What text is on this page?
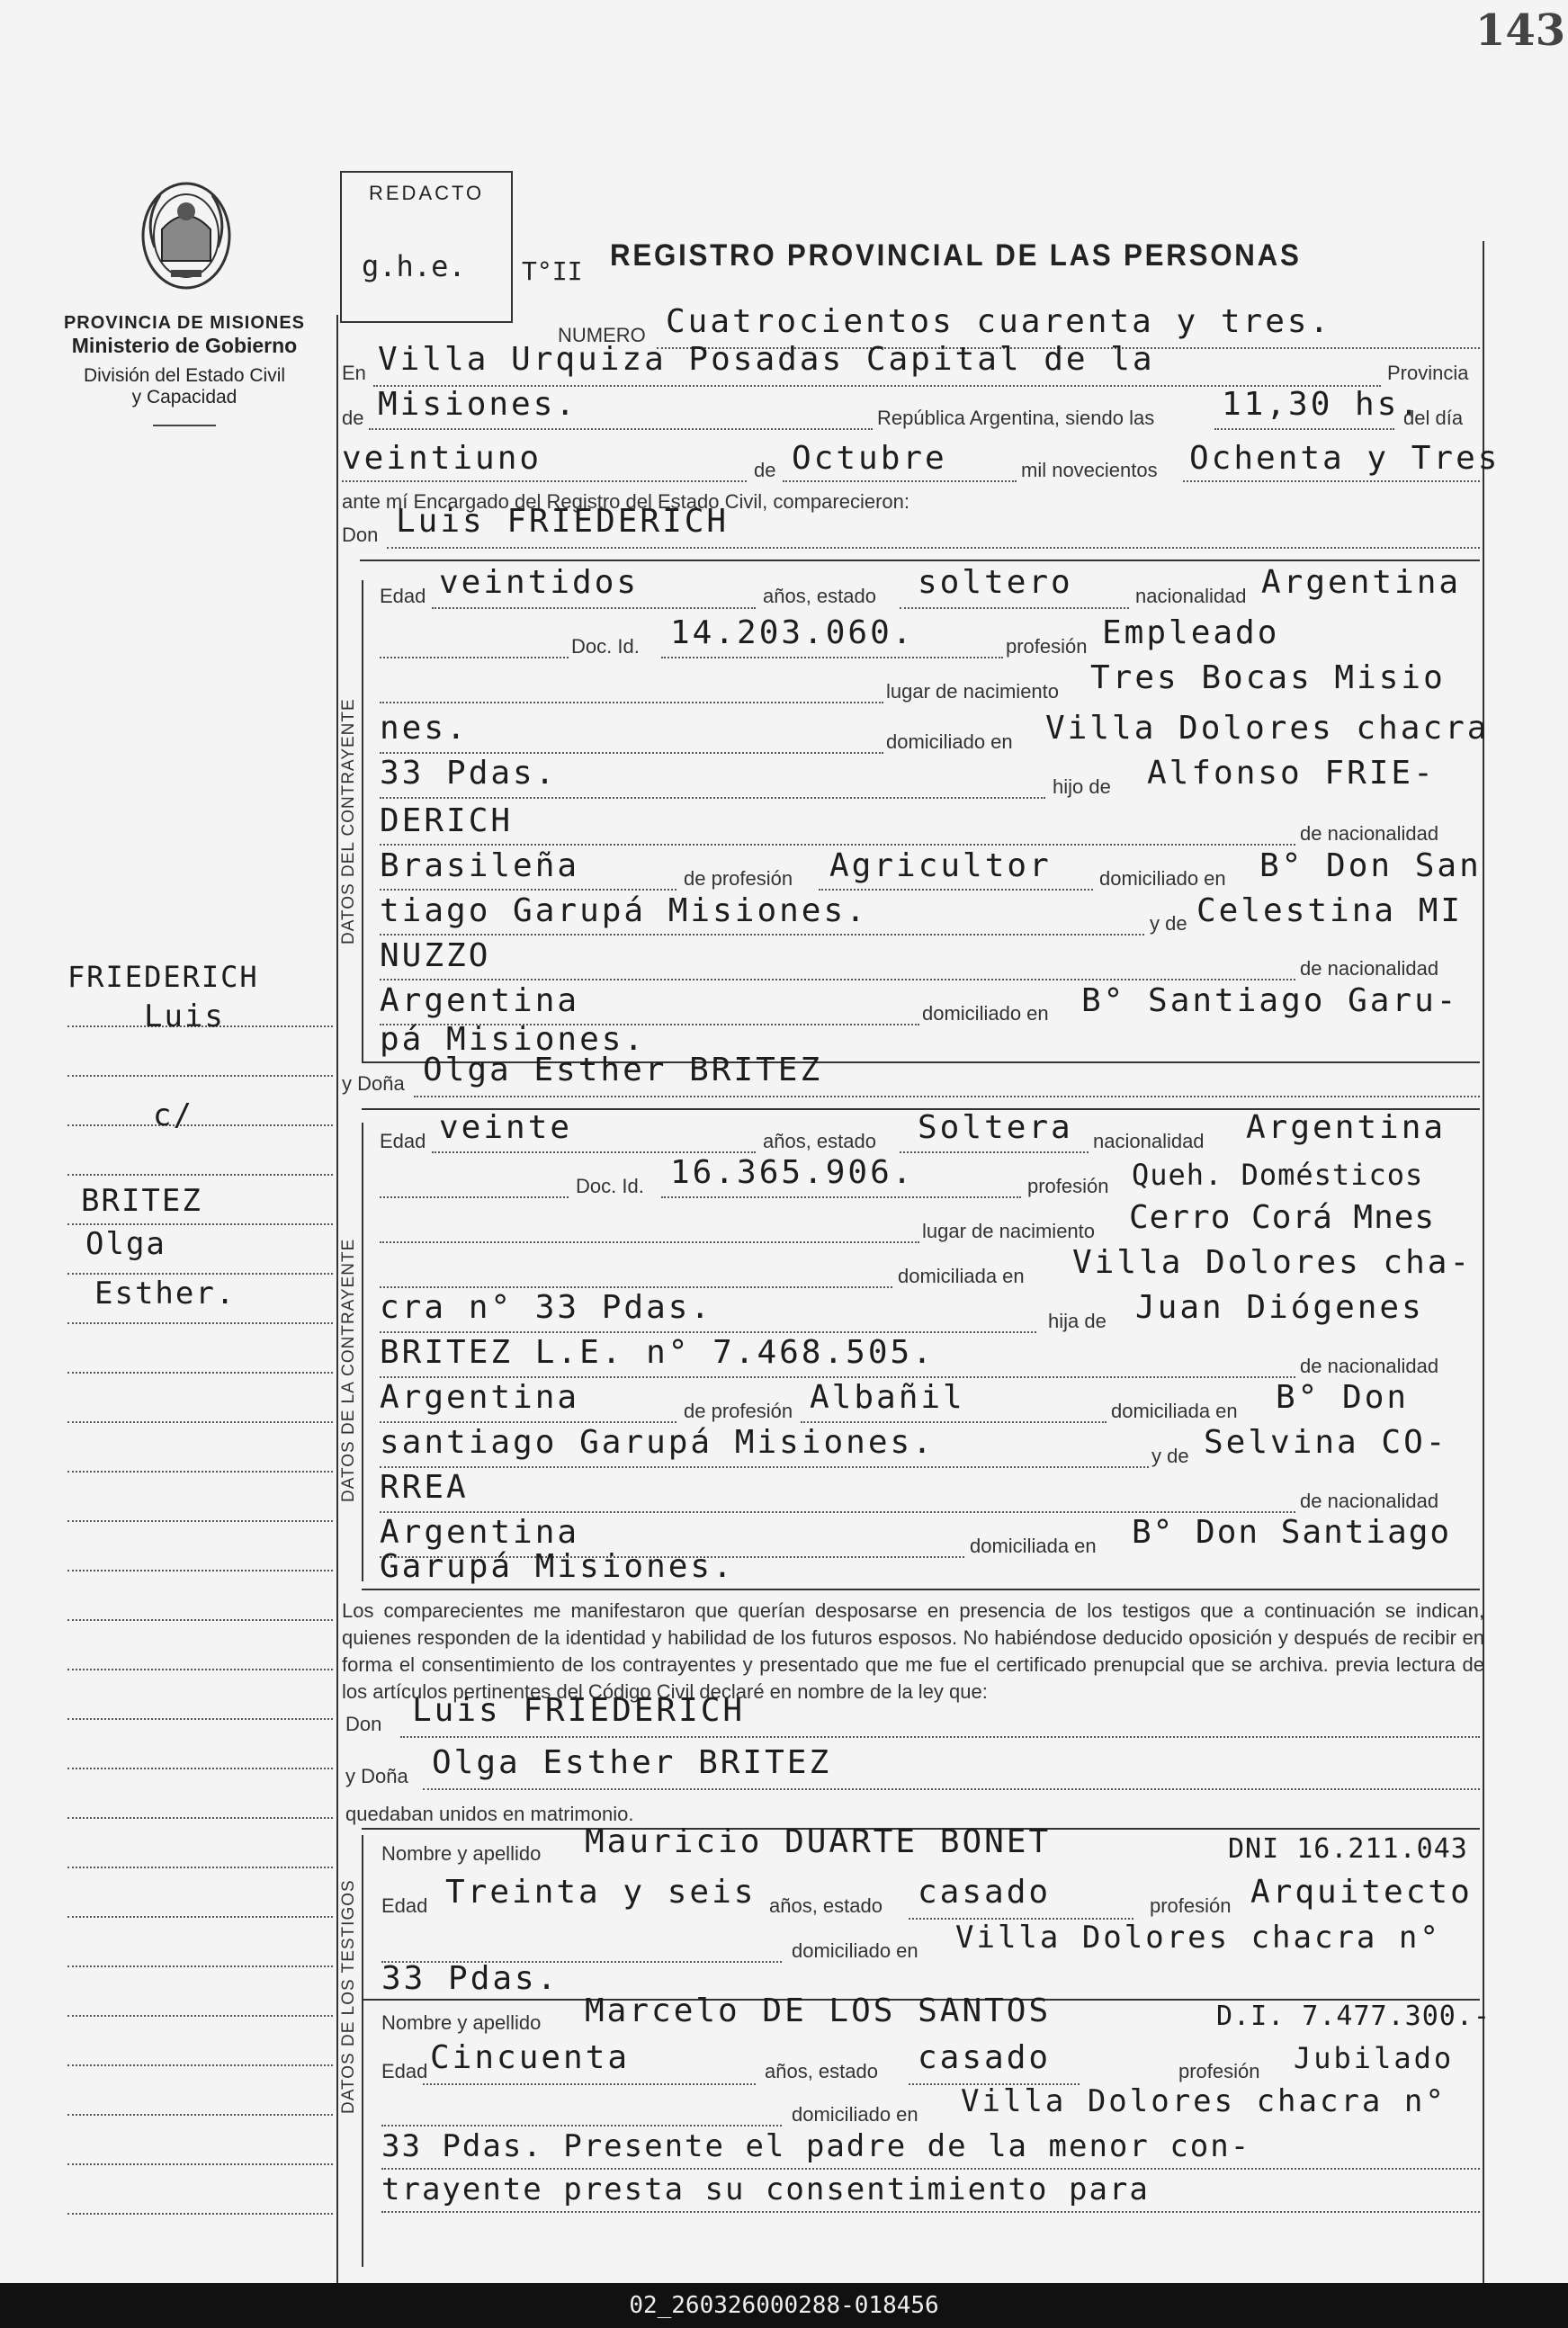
143
PROVINCIA DE MISIONES
Ministerio de Gobierno
División del Estado Civil
y Capacidad
REDACTO
g.h.e. T°II REGISTRO PROVINCIAL DE LAS PERSONAS
NUMERO Cuatrocientos cuarenta y tres.
En Villa Urquiza Posadas Capital de la	Provincia
de Misiones.	República Argentina, siendo las 11,30 hs.
del día
veintiuno	de Octubre	mil novecientos Ochenta y Tres
ante mí Encargado del Registro del Estado Civil, comparecieron:
Don Luis FRIEDERICH
DATOS DEL CONTRAYENTE
Edad veintidos	años, estado soltero	nacionalidad Argentina
Doc. Id. 14.203.060.	profesión Empleado
lugar de nacimiento Tres Bocas Misio
nes.	domiciliado en Villa Dolores chacra
33 Pdas.	hijo de Alfonso FRIE-
DERICH	de nacionalidad
Brasileña	de profesión Agricultor domiciliado en B° Don San
tiago Garupá Misiones.	y de Celestina MI
NUZZO	de nacionalidad
Argentina	domiciliado en B° Santiago Garu-
pá Misiones.
y Doña Olga Esther BRITEZ
DATOS DE LA CONTRAYENTE
Edad veinte	años, estado Soltera nacionalidad Argentina
Doc. Id. 16.365.906.	profesión Queh. Domésticos
lugar de nacimiento Cerro Corá Mnes
domiciliada en Villa Dolores cha-
cra n° 33 Pdas.	hija de Juan Diógenes
BRITEZ L.E. n° 7.468.505.	de nacionalidad
Argentina	de profesión Albañil	domiciliada en B° Don
santiago Garupá Misiones.	y de Selvina CO-
RREA	de nacionalidad
Argentina	domiciliada en B° Don Santiago
Garupá Misiones.
Los comparecientes me manifestaron que querían desposarse en presencia de los testigos que a continuación se indican, quienes responden de la identidad y habilidad de los futuros esposos. No habiéndose deducido oposición y después de recibir en forma el consentimiento de los contrayentes y presentado que me fue el certificado prenupcial que se archiva. previa lectura de los artículos pertinentes del Código Civil declaré en nombre de la ley que:
Don Luis FRIEDERICH
y Doña Olga Esther BRITEZ
quedaban unidos en matrimonio.
DATOS DE LOS TESTIGOS
Nombre y apellido Mauricio DUARTE BONET	DNI 16.211.043
Edad Treinta y seis años, estado casado	profesión Arquitecto
domiciliado en Villa Dolores chacra n°
33 Pdas.
Nombre y apellido Marcelo DE LOS SANTOS	D.I. 7.477.300.-
Edad Cincuenta	años, estado casado	profesión Jubilado
domiciliado en Villa Dolores chacra n°
33 Pdas. Presente el padre de la menor con-
trayente presta su consentimiento para
FRIEDERICH
Luis
c/
BRITEZ
Olga
Esther.
02_260326000288-018456
